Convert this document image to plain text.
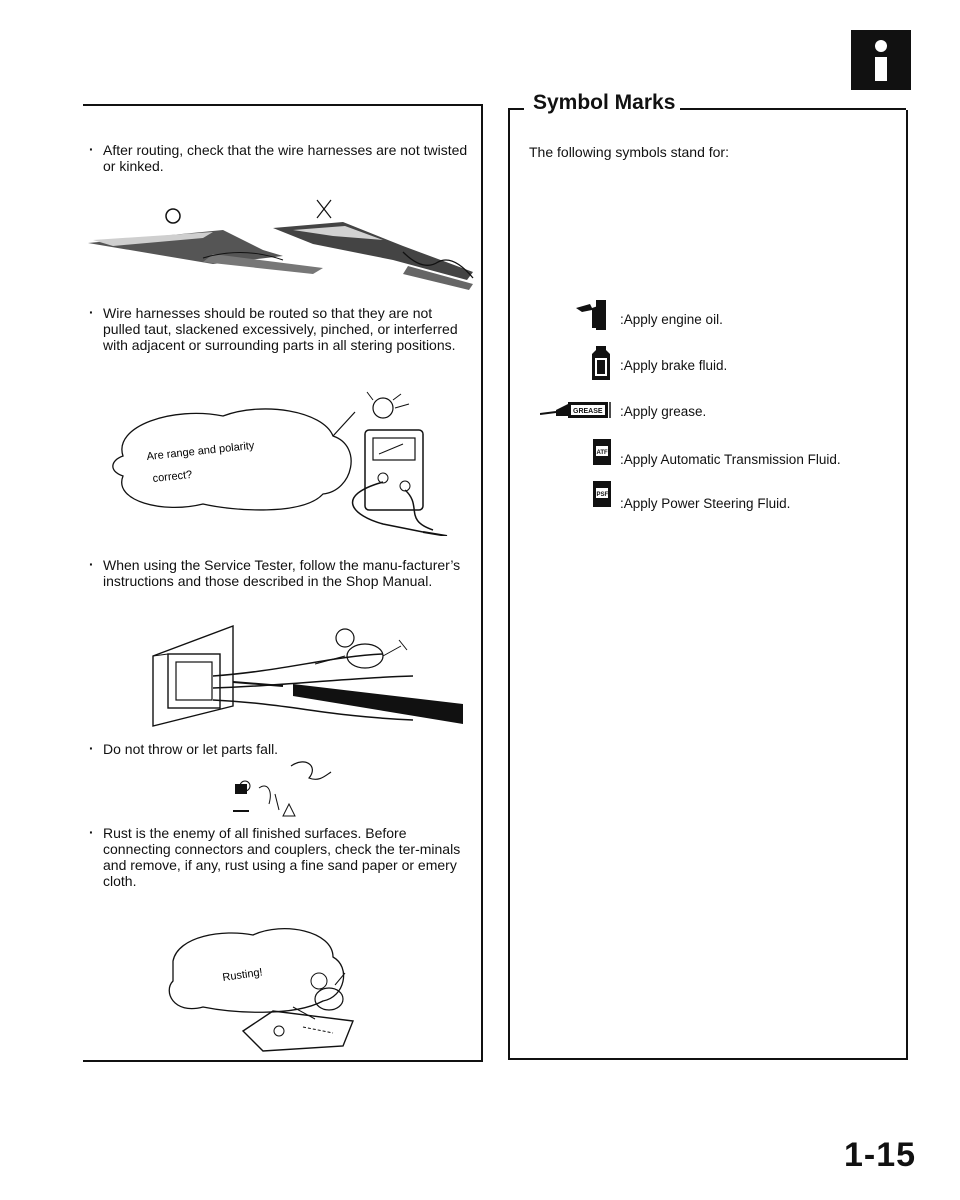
· After routing, check that the wire harnesses are not twisted or kinked.
· Wire harnesses should be routed so that they are not pulled taut, slackened excessively, pinched, or interferred with adjacent or surrounding parts in all stering positions.
Are range and polarity
correct?
· When using the Service Tester, follow the manu-facturer’s instructions and those described in the Shop Manual.
· Do not throw or let parts fall.
· Rust is the enemy of all finished surfaces. Before connecting connectors and couplers, check the ter-minals and remove, if any, rust using a fine sand paper or emery cloth.
Rusting!
Symbol Marks
The following symbols stand for:
:Apply engine oil.
:Apply brake fluid.
GREASE :Apply grease.
ATF :Apply Automatic Transmission Fluid.
PSF
:Apply Power Steering Fluid.
1-15
